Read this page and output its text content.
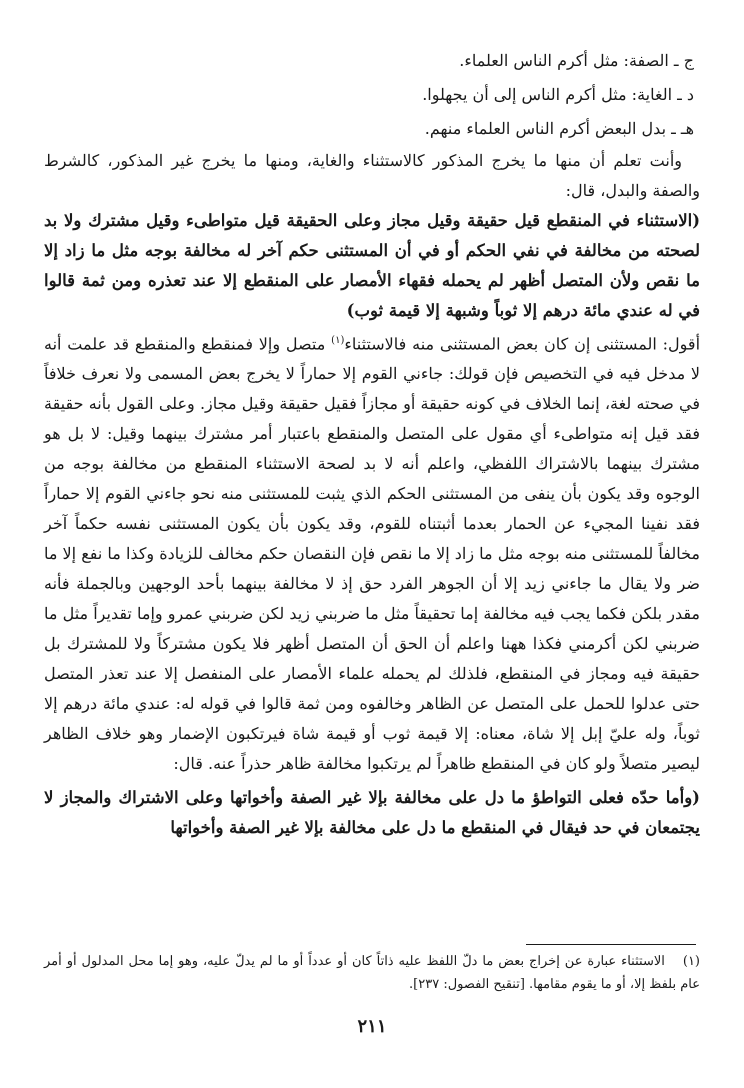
ج ـ الصفة: مثل أكرم الناس العلماء.
د ـ الغاية: مثل أكرم الناس إلى أن يجهلوا.
هـ ـ بدل البعض أكرم الناس العلماء منهم.

وأنت تعلم أن منها ما يخرج المذكور كالاستثناء والغاية، ومنها ما يخرج غير المذكور، كالشرط والصفة والبدل، قال:

(الاستثناء في المنقطع قيل حقيقة وقيل مجاز وعلى الحقيقة قيل متواطىء وقيل مشترك ولا بد لصحته من مخالفة في نفي الحكم أو في أن المستثنى حكم آخر له مخالفة بوجه مثل ما زاد إلا ما نقص ولأن المتصل أظهر لم يحمله فقهاء الأمصار على المنقطع إلا عند تعذره ومن ثمة قالوا في له عندي مائة درهم إلا ثوباً وشبهة إلا قيمة ثوب)

أقول: المستثنى إن كان بعض المستثنى منه فالاستثناء$^{(١)}$ متصل وإلا فمنقطع والمنقطع قد علمت أنه لا مدخل فيه في التخصيص فإن قولك: جاءني القوم إلا حماراً لا يخرج بعض المسمى ولا نعرف خلافاً في صحته لغة، إنما الخلاف في كونه حقيقة أو مجازاً فقيل حقيقة وقيل مجاز. وعلى القول بأنه حقيقة فقد قيل إنه متواطىء أي مقول على المتصل والمنقطع باعتبار أمر مشترك بينهما وقيل: لا بل هو مشترك بينهما بالاشتراك اللفظي، واعلم أنه لا بد لصحة الاستثناء المنقطع من مخالفة بوجه من الوجوه وقد يكون بأن ينفى من المستثنى الحكم الذي يثبت للمستثنى منه نحو جاءني القوم إلا حماراً فقد نفينا المجيء عن الحمار بعدما أثبتناه للقوم، وقد يكون بأن يكون المستثنى نفسه حكماً آخر مخالفاً للمستثنى منه بوجه مثل ما زاد إلا ما نقص فإن النقصان حكم مخالف للزيادة وكذا ما نفع إلا ما ضر ولا يقال ما جاءني زيد إلا أن الجوهر الفرد حق إذ لا مخالفة بينهما بأحد الوجهين وبالجملة فأنه مقدر بلكن فكما يجب فيه مخالفة إما تحقيقاً مثل ما ضربني زيد لكن ضربني عمرو وإما تقديراً مثل ما ضربني لكن أكرمني فكذا ههنا واعلم أن الحق أن المتصل أظهر فلا يكون مشتركاً ولا للمشترك بل حقيقة فيه ومجاز في المنقطع، فلذلك لم يحمله علماء الأمصار على المنفصل إلا عند تعذر المتصل حتى عدلوا للحمل على المتصل عن الظاهر وخالفوه ومن ثمة قالوا في قوله له: عندي مائة درهم إلا ثوباً، وله عليّ إبل إلا شاة، معناه: إلا قيمة ثوب أو قيمة شاة فيرتكبون الإضمار وهو خلاف الظاهر ليصير متصلاً ولو كان في المنقطع ظاهراً لم يرتكبوا مخالفة ظاهر حذراً عنه. قال:

(وأما حدّه فعلى التواطؤ ما دل على مخالفة بإلا غير الصفة وأخواتها وعلى الاشتراك والمجاز لا يجتمعان في حد فيقال في المنقطع ما دل على مخالفة بإلا غير الصفة وأخواتها

(١)الاستثناء عبارة عن إخراج بعض ما دلّ اللفظ عليه ذاتاً كان أو عدداً أو ما لم يدلّ عليه، وهو إما محل المدلول أو أمر عام بلفظ إلا، أو ما يقوم مقامها. [تنقيح الفصول: ٢٣٧].
٢١١
